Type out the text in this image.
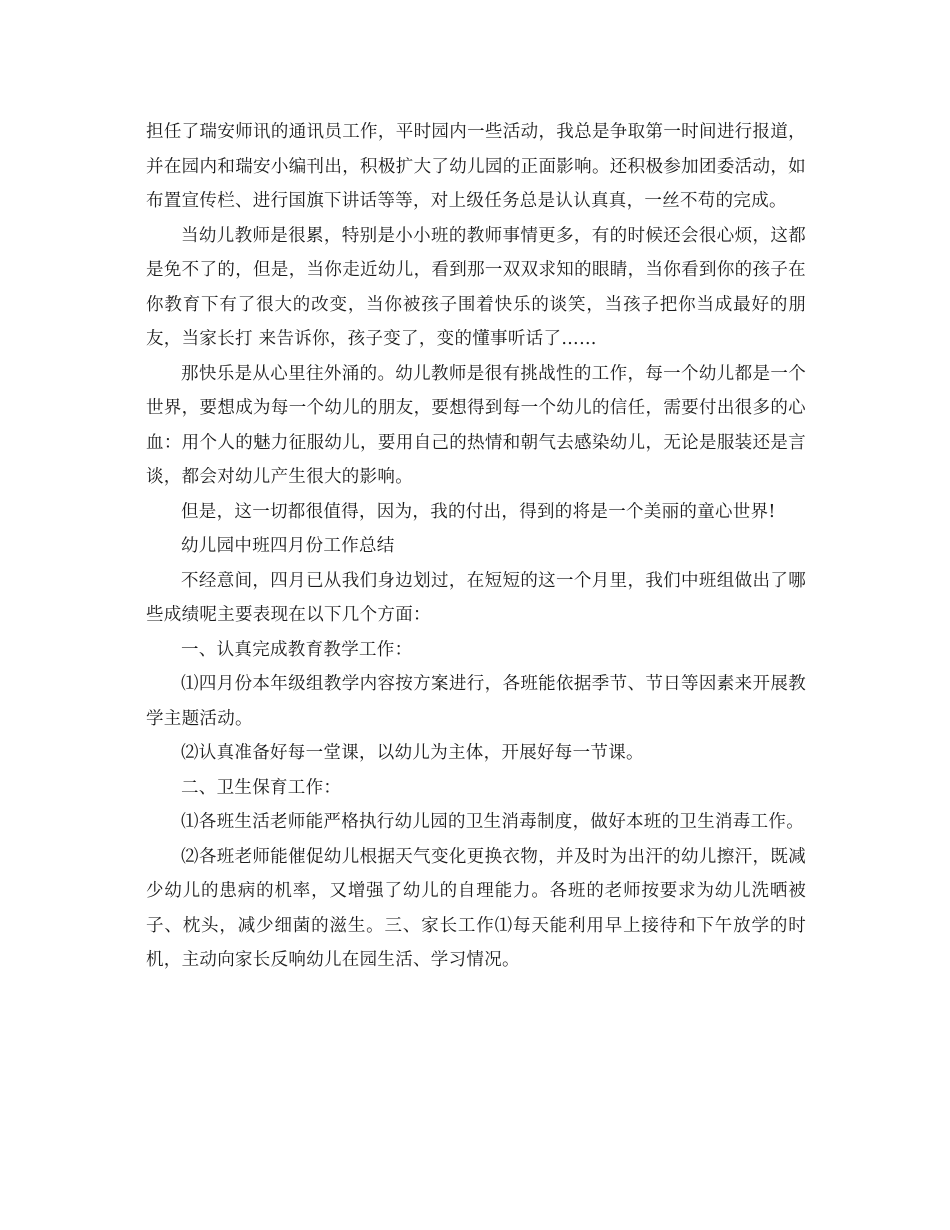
担任了瑞安师讯的通讯员工作，平时园内一些活动，我总是争取第一时间进行报道，并在园内和瑞安小编刊出，积极扩大了幼儿园的正面影响。还积极参加团委活动，如布置宣传栏、进行国旗下讲话等等，对上级任务总是认认真真，一丝不苟的完成。

当幼儿教师是很累，特别是小小班的教师事情更多，有的时候还会很心烦，这都是免不了的，但是，当你走近幼儿，看到那一双双求知的眼睛，当你看到你的孩子在你教育下有了很大的改变，当你被孩子围着快乐的谈笑，当孩子把你当成最好的朋友，当家长打 来告诉你，孩子变了，变的懂事听话了……

那快乐是从心里往外涌的。幼儿教师是很有挑战性的工作，每一个幼儿都是一个世界，要想成为每一个幼儿的朋友，要想得到每一个幼儿的信任，需要付出很多的心血：用个人的魅力征服幼儿，要用自己的热情和朝气去感染幼儿，无论是服装还是言谈，都会对幼儿产生很大的影响。

但是，这一切都很值得，因为，我的付出，得到的将是一个美丽的童心世界!

幼儿园中班四月份工作总结

不经意间，四月已从我们身边划过，在短短的这一个月里，我们中班组做出了哪些成绩呢主要表现在以下几个方面：

一、认真完成教育教学工作：

⑴四月份本年级组教学内容按方案进行，各班能依据季节、节日等因素来开展教学主题活动。

⑵认真准备好每一堂课，以幼儿为主体，开展好每一节课。

二、卫生保育工作：

⑴各班生活老师能严格执行幼儿园的卫生消毒制度，做好本班的卫生消毒工作。

⑵各班老师能催促幼儿根据天气变化更换衣物，并及时为出汗的幼儿擦汗，既减少幼儿的患病的机率，又增强了幼儿的自理能力。各班的老师按要求为幼儿洗晒被子、枕头，减少细菌的滋生。三、家长工作⑴每天能利用早上接待和下午放学的时机，主动向家长反响幼儿在园生活、学习情况。
